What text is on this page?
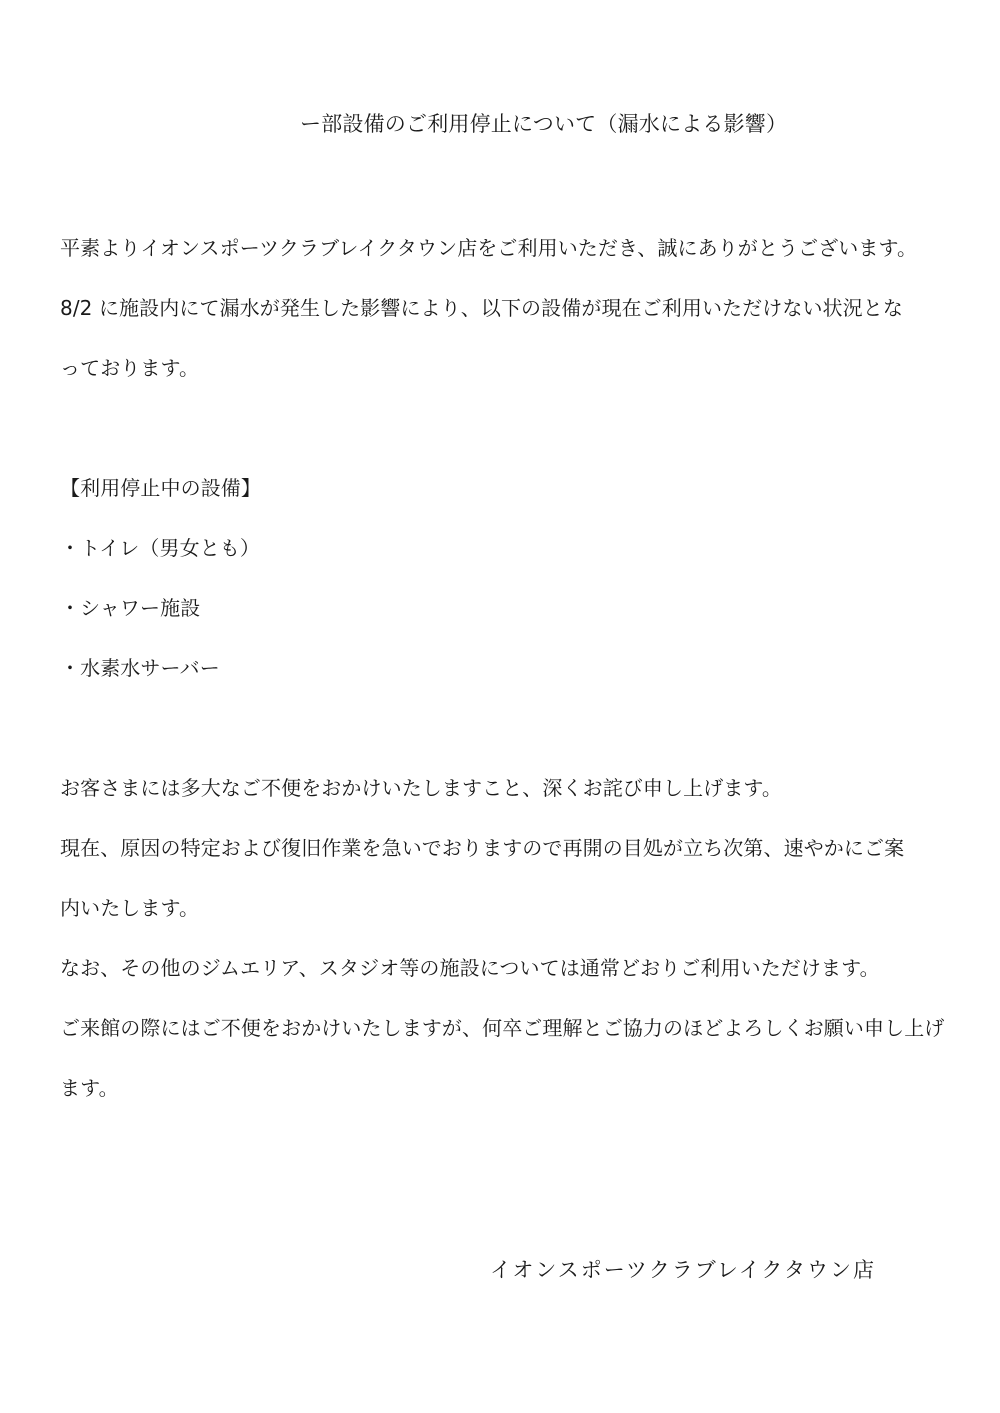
ー部設備のご利用停止について（漏水による影響）
平素よりイオンスポーツクラブレイクタウン店をご利用いただき、誠にありがとうございます。
8/2 に施設内にて漏水が発生した影響により、以下の設備が現在ご利用いただけない状況とな
っております。
【利用停止中の設備】
・トイレ（男女とも）
・シャワー施設
・水素水サーバー
お客さまには多大なご不便をおかけいたしますこと、深くお詫び申し上げます。
現在、原因の特定および復旧作業を急いでおりますので再開の目処が立ち次第、速やかにご案
内いたします。
なお、その他のジムエリア、スタジオ等の施設については通常どおりご利用いただけます。
ご来館の際にはご不便をおかけいたしますが、何卒ご理解とご協力のほどよろしくお願い申し上げ
ます。
イオンスポーツクラブレイクタウン店
